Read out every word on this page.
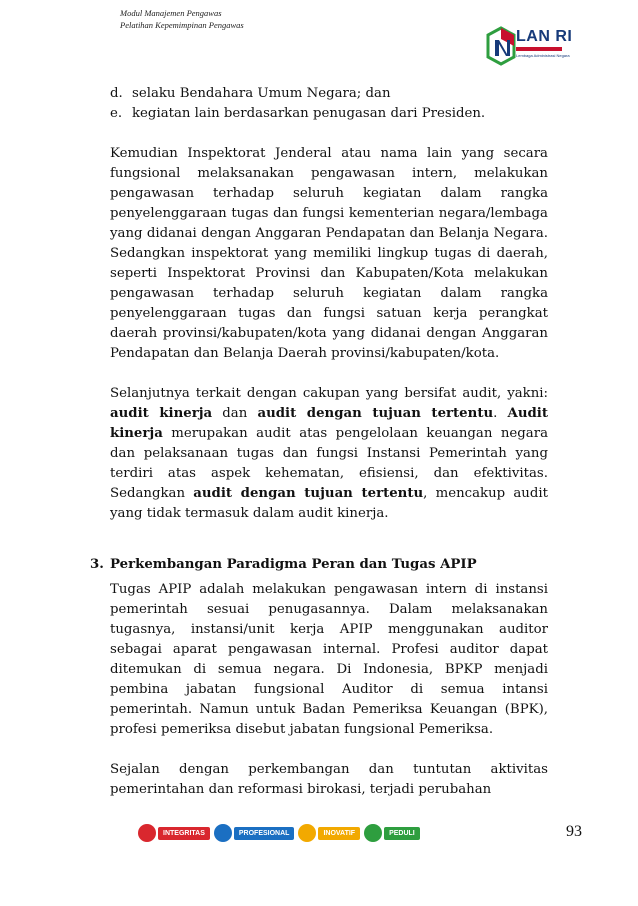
Modul Manajemen Pengawas
Pelatihan Kepemimpinan Pengawas
LAN RI
Lembaga Administrasi Negara
d. selaku Bendahara Umum Negara; dan
e. kegiatan lain berdasarkan penugasan dari Presiden.

Kemudian Inspektorat Jenderal atau nama lain yang secara fungsional melaksanakan pengawasan intern, melakukan pengawasan terhadap seluruh kegiatan dalam rangka penyelenggaraan tugas dan fungsi kementerian negara/lembaga yang didanai dengan Anggaran Pendapatan dan Belanja Negara. Sedangkan inspektorat yang memiliki lingkup tugas di daerah, seperti Inspektorat Provinsi dan Kabupaten/Kota melakukan pengawasan terhadap seluruh kegiatan dalam rangka penyelenggaraan tugas dan fungsi satuan kerja perangkat daerah provinsi/kabupaten/kota yang didanai dengan Anggaran Pendapatan dan Belanja Daerah provinsi/kabupaten/kota.

Selanjutnya terkait dengan cakupan yang bersifat audit, yakni: audit kinerja dan audit dengan tujuan tertentu. Audit kinerja merupakan audit atas pengelolaan keuangan negara dan pelaksanaan tugas dan fungsi Instansi Pemerintah yang terdiri atas aspek kehematan, efisiensi, dan efektivitas. Sedangkan audit dengan tujuan tertentu, mencakup audit yang tidak termasuk dalam audit kinerja.

3. Perkembangan Paradigma Peran dan Tugas APIP

Tugas APIP adalah melakukan pengawasan intern di instansi pemerintah sesuai penugasannya. Dalam melaksanakan tugasnya, instansi/unit kerja APIP menggunakan auditor sebagai aparat pengawasan internal. Profesi auditor dapat ditemukan di semua negara. Di Indonesia, BPKP menjadi pembina jabatan fungsional Auditor di semua intansi pemerintah. Namun untuk Badan Pemeriksa Keuangan (BPK), profesi pemeriksa disebut jabatan fungsional Pemeriksa.

Sejalan dengan perkembangan dan tuntutan aktivitas pemerintahan dan reformasi birokasi, terjadi perubahan

INTEGRITAS	PROFESIONAL	INOVATIF	PEDULI	93
